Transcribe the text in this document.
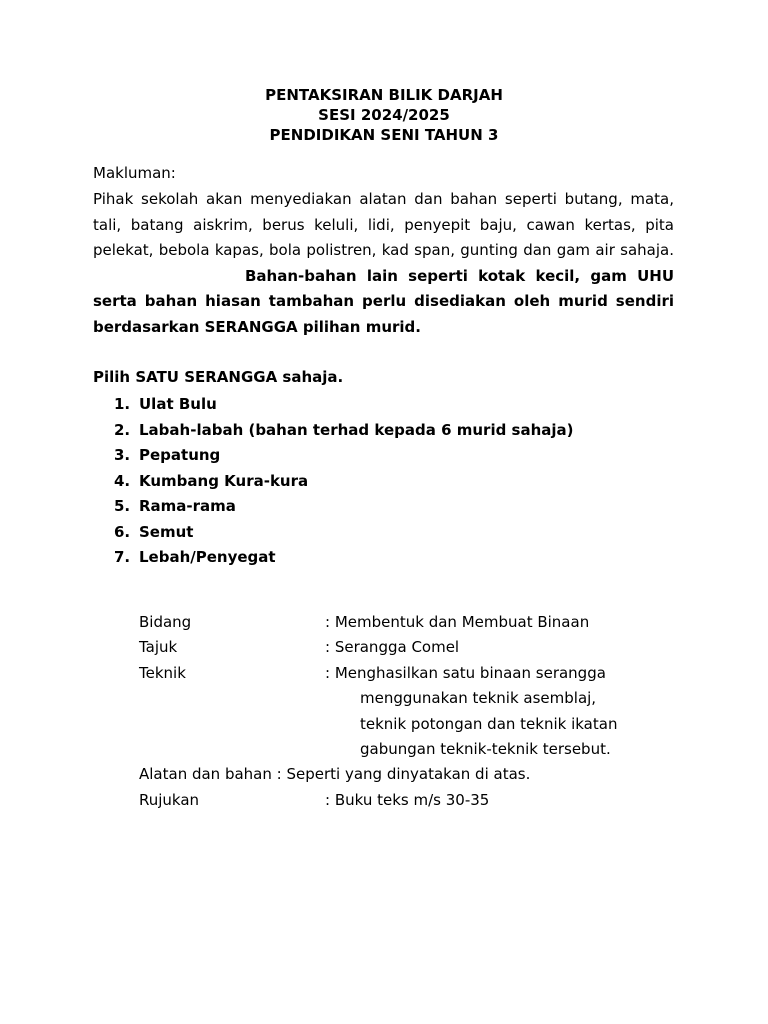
PENTAKSIRAN BILIK DARJAH
SESI 2024/2025
PENDIDIKAN SENI TAHUN 3
Makluman:
Pihak sekolah akan menyediakan alatan dan bahan seperti butang, mata, tali, batang aiskrim, berus keluli, lidi, penyepit baju, cawan kertas, pita pelekat, bebola kapas, bola polistren, kad span, gunting dan gam air sahaja.Bahan-bahan lain seperti kotak kecil, gam UHU serta bahan hiasan tambahan perlu disediakan oleh murid sendiri berdasarkan SERANGGA pilihan murid.
Pilih SATU SERANGGA sahaja.
1. Ulat Bulu
2. Labah-labah (bahan terhad kepada 6 murid sahaja)
3. Pepatung
4. Kumbang Kura-kura
5. Rama-rama
6. Semut
7. Lebah/Penyegat
Bidang	: Membentuk dan Membuat Binaan
Tajuk	: Serangga Comel
Teknik	: Menghasilkan satu binaan serangga
menggunakan teknik asemblaj,
teknik potongan dan teknik ikatan
gabungan teknik-teknik tersebut.
Alatan dan bahan : Seperti yang dinyatakan di atas.
Rujukan	: Buku teks m/s 30-35
